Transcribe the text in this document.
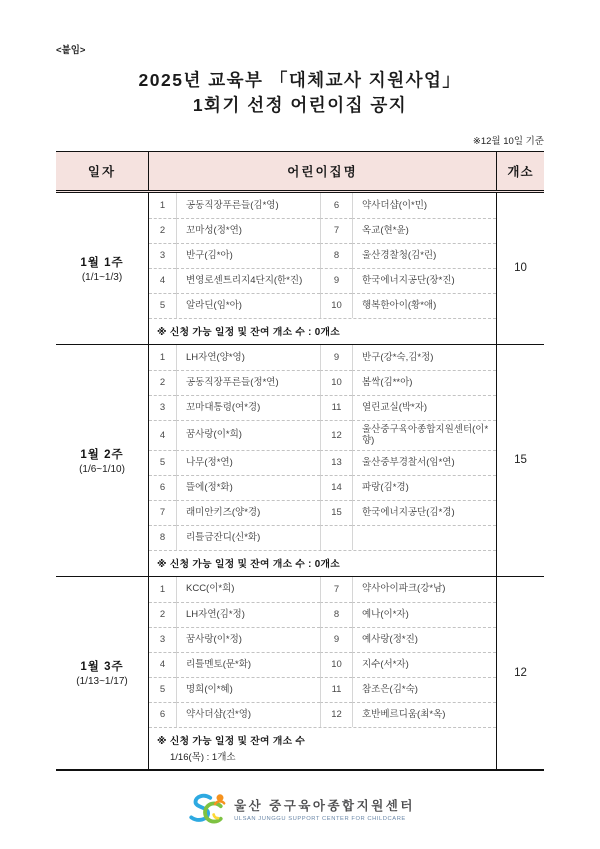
<붙임>
2025년 교육부 「대체교사 지원사업」
1회기 선정 어린이집 공지
※12월 10일 기준
일자	어린이집명	개소
1월 1주
(1/1~1/3)
1	공동직장푸른들(김*영)	6	약사더샵(이*민)
2	꼬마성(정*연)	7	옥교(현*윤)
3	반구(김*아)	8	울산경찰청(김*린)
4	변영로센트리지4단지(한*진)	9	한국에너지공단(장*진)
5	알라딘(임*아)	10	행복한아이(황*애)
※ 신청 가능 일정 및 잔여 개소 수 : 0개소
10
1월 2주
(1/6~1/10)
1	LH자연(양*영)	9	반구(강*숙,김*정)
2	공동직장푸른들(정*연)	10	봄싹(김**아)
3	꼬마대통령(여*경)	11	열린교실(박*자)
4	꿈사랑(이*희)	12
울산중구육아종합지원센터(이*향)
5	나무(정*연)	13	울산중부경찰서(임*연)
6	뜰에(정*화)	14	파랑(김*경)
7	래미안키즈(양*경)	15	한국에너지공단(김*경)
8	리틀금잔디(신*화)
※ 신청 가능 일정 및 잔여 개소 수 : 0개소
15
1월 3주
(1/13~1/17)
1	KCC(이*희)	7	약사아이파크(강*남)
2	LH자연(김*정)	8	예나(이*자)
3	꿈사랑(이*정)	9	예사랑(정*진)
4	리틀멘토(문*화)	10	지수(서*자)
5	명희(이*혜)	11	참조은(김*숙)
6	약사더샵(건*영)	12	호반베르디움(최*옥)
※ 신청 가능 일정 및 잔여 개소 수
1/16(목) : 1개소
12
울산 중구육아종합지원센터
ULSAN JUNGGU SUPPORT CENTER FOR CHILDCARE
